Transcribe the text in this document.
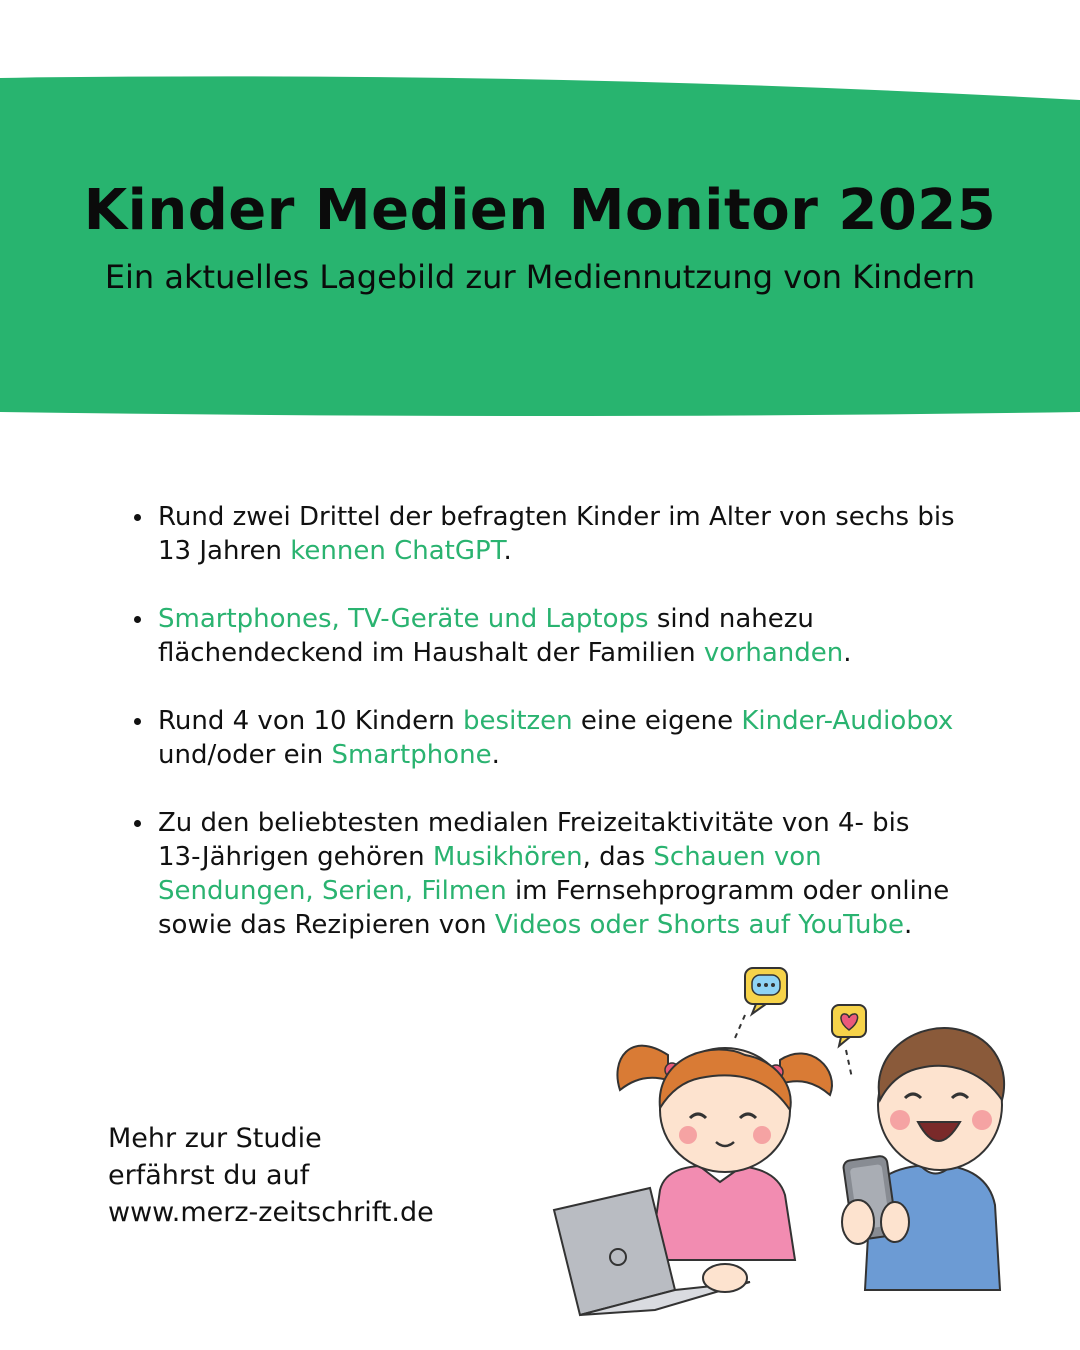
Kinder Medien Monitor 2025

Ein aktuelles Lagebild zur Mediennutzung von Kindern

Rund zwei Drittel der befragten Kinder im Alter von sechs bis 13 Jahren kennen ChatGPT.
Smartphones, TV-Geräte und Laptops sind nahezu flächendeckend im Haushalt der Familien vorhanden.
Rund 4 von 10 Kindern besitzen eine eigene Kinder-Audiobox und/oder ein Smartphone.
Zu den beliebtesten medialen Freizeitaktivitäte von 4- bis 13-Jährigen gehören Musikhören, das Schauen von Sendungen, Serien, Filmen im Fernsehprogramm oder online sowie das Rezipieren von Videos oder Shorts auf YouTube.
Mehr zur Studie
erfährst du auf
www.merz-zeitschrift.de
